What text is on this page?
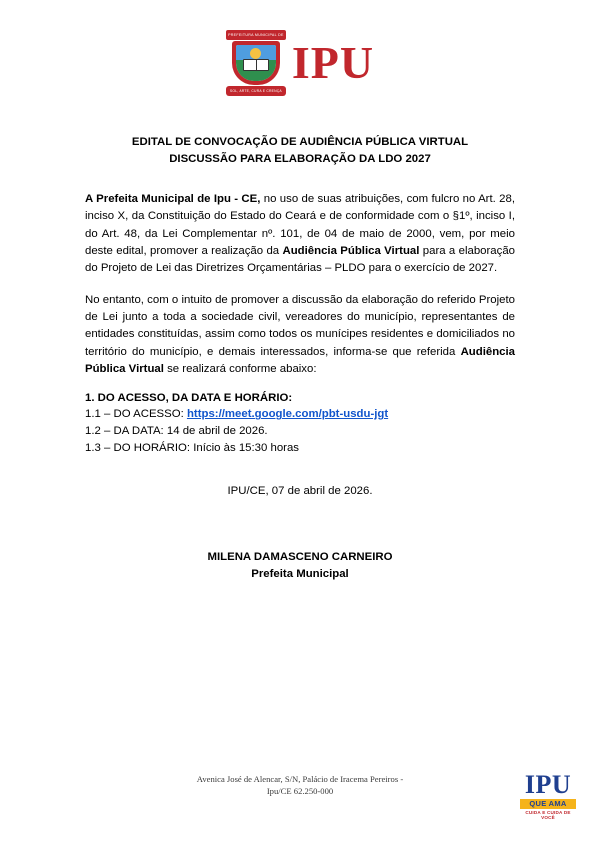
PREFEITURA MUNICIPAL DE
SOL, ARTE, CURA E CRENÇA
IPU
EDITAL DE CONVOCAÇÃO DE AUDIÊNCIA PÚBLICA VIRTUAL
DISCUSSÃO PARA ELABORAÇÃO DA LDO 2027

A Prefeita Municipal de Ipu - CE, no uso de suas atribuições, com fulcro no Art. 28, inciso X, da Constituição do Estado do Ceará e de conformidade com o §1º, inciso I, do Art. 48, da Lei Complementar nº. 101, de 04 de maio de 2000, vem, por meio deste edital, promover a realização da Audiência Pública Virtual para a elaboração do Projeto de Lei das Diretrizes Orçamentárias – PLDO para o exercício de 2027.

No entanto, com o intuito de promover a discussão da elaboração do referido Projeto de Lei junto a toda a sociedade civil, vereadores do município, representantes de entidades constituídas, assim como todos os munícipes residentes e domiciliados no território do município, e demais interessados, informa-se que referida Audiência Pública Virtual se realizará conforme abaixo:

1. DO ACESSO, DA DATA E HORÁRIO:

1.1 – DO ACESSO: https://meet.google.com/pbt-usdu-jgt

1.2 – DA DATA: 14 de abril de 2026.

1.3 – DO HORÁRIO: Início às 15:30 horas

IPU/CE, 07 de abril de 2026.
MILENA DAMASCENO CARNEIRO
Prefeita Municipal
Avenica José de Alencar, S/N, Palácio de Iracema Pereiros -
Ipu/CE 62.250-000	IPU
QUE AMA
CUIDA E CUIDA DE VOCÊ
